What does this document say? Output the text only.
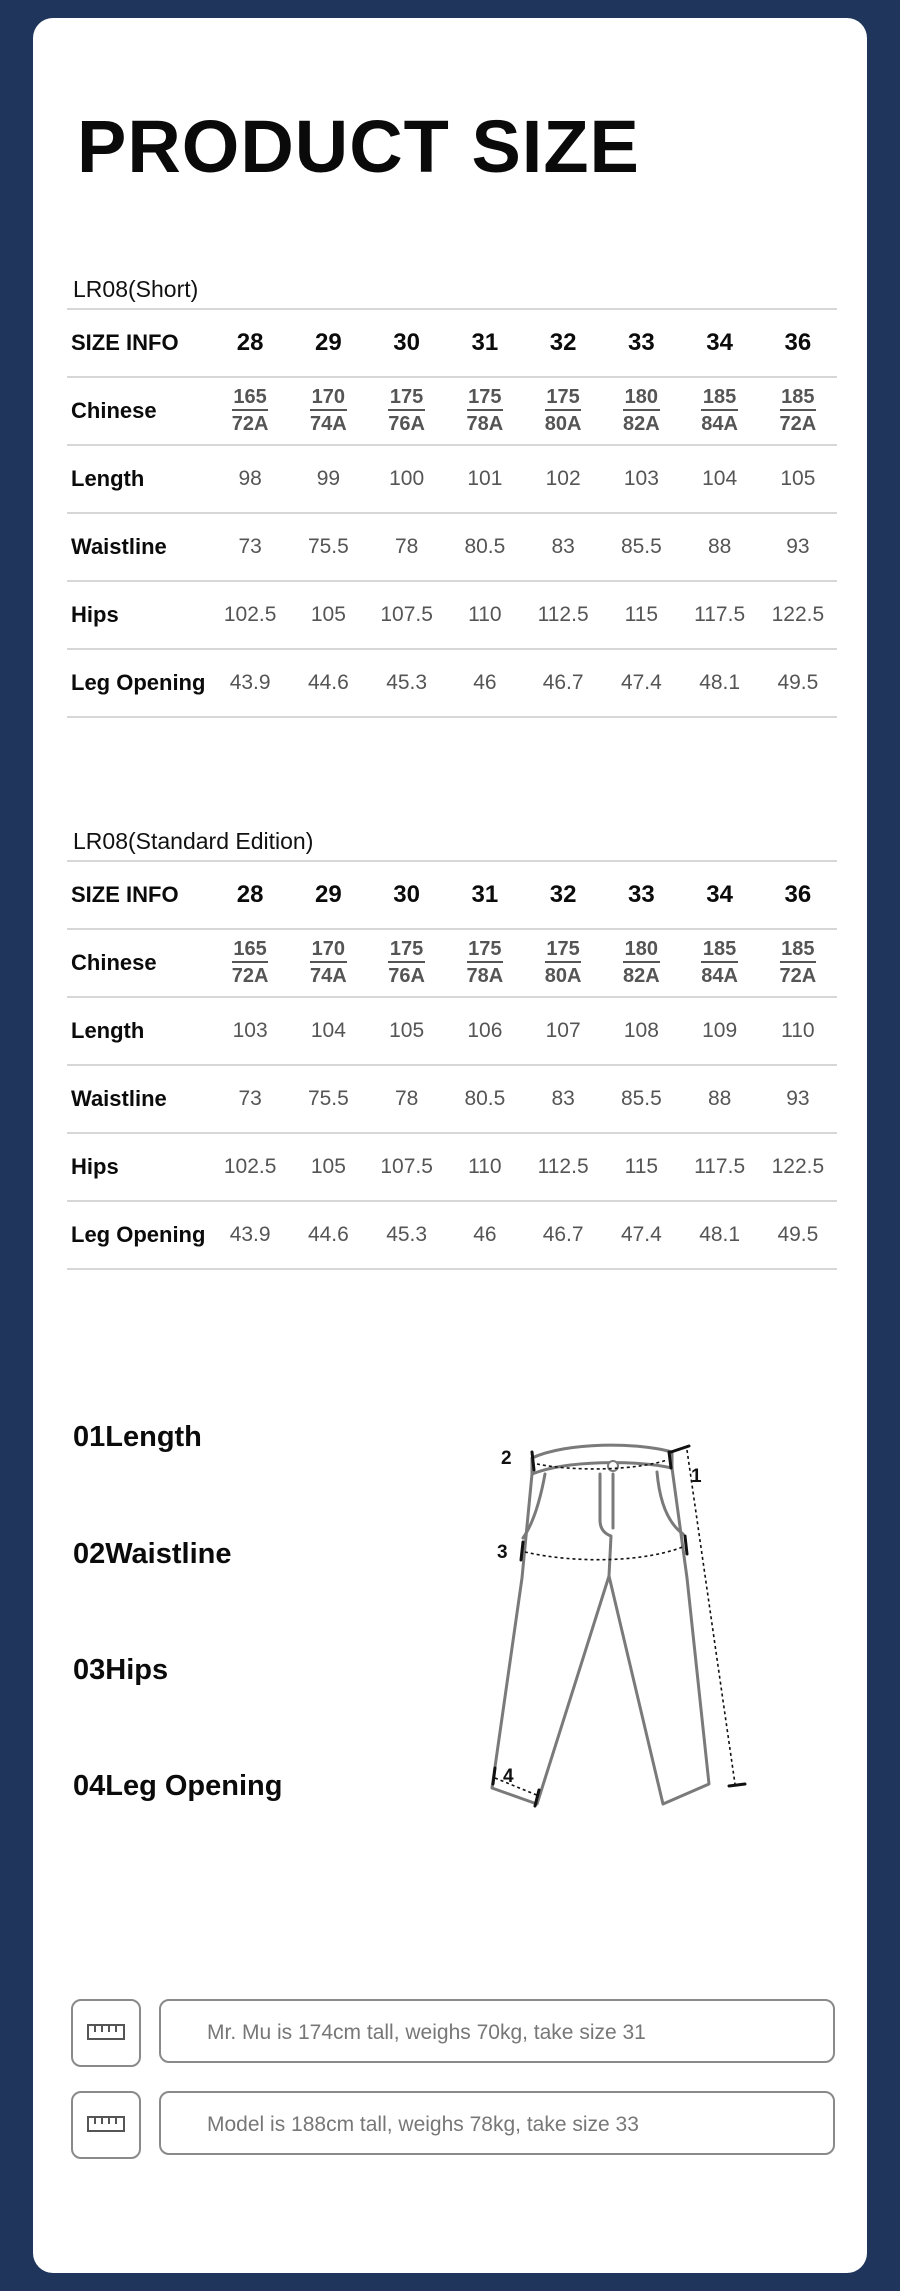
PRODUCT SIZE
LR08(Short)
SIZE INFO	28	29	30	31	32	33	34	36
Chinese	$\frac{165}{72A}$	$\frac{170}{74A}$	$\frac{175}{76A}$	$\frac{175}{78A}$	$\frac{175}{80A}$	$\frac{180}{82A}$	$\frac{185}{84A}$	$\frac{185}{72A}$

Length	98	99	100	101	102	103	104	105
Waistline	73	75.5	78	80.5	83	85.5	88	93
Hips	102.5	105	107.5	110	112.5	115	117.5	122.5
Leg Opening	43.9	44.6	45.3	46	46.7	47.4	48.1	49.5
LR08(Standard Edition)
SIZE INFO	28	29	30	31	32	33	34	36
Chinese	$\frac{165}{72A}$	$\frac{170}{74A}$	$\frac{175}{76A}$	$\frac{175}{78A}$	$\frac{175}{80A}$	$\frac{180}{82A}$	$\frac{185}{84A}$	$\frac{185}{72A}$

Length	103	104	105	106	107	108	109	110
Waistline	73	75.5	78	80.5	83	85.5	88	93
Hips	102.5	105	107.5	110	112.5	115	117.5	122.5
Leg Opening	43.9	44.6	45.3	46	46.7	47.4	48.1	49.5
01Length
02Waistline
03Hips
04Leg Opening
1
2
3
4
Mr. Mu is 174cm tall, weighs 70kg, take size 31
Model is 188cm tall, weighs 78kg, take size 33
